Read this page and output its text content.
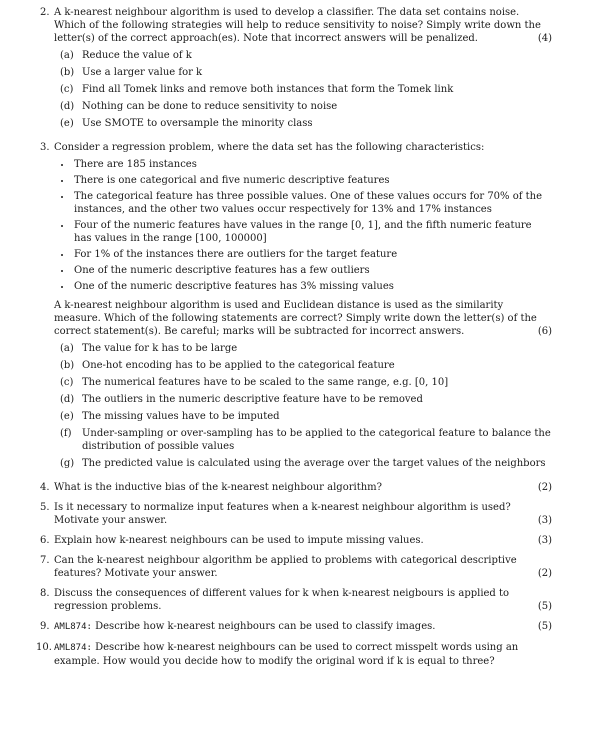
2. A k-nearest neighbour algorithm is used to develop a classifier. The data set contains noise. Which of the following strategies will help to reduce sensitivity to noise? Simply write down the letter(s) of the correct approach(es). Note that incorrect answers will be penalized.	(4)
(a) Reduce the value of k
(b) Use a larger value for k
(c) Find all Tomek links and remove both instances that form the Tomek link
(d) Nothing can be done to reduce sensitivity to noise
(e) Use SMOTE to oversample the minority class
3. Consider a regression problem, where the data set has the following characteristics:
• There are 185 instances
• There is one categorical and five numeric descriptive features
• The categorical feature has three possible values. One of these values occurs for 70% of the instances, and the other two values occur respectively for 13% and 17% instances
• Four of the numeric features have values in the range [0, 1], and the fifth numeric feature has values in the range [100, 100000]
• For 1% of the instances there are outliers for the target feature
• One of the numeric descriptive features has a few outliers
• One of the numeric descriptive features has 3% missing values
A k-nearest neighbour algorithm is used and Euclidean distance is used as the similarity measure. Which of the following statements are correct? Simply write down the letter(s) of the correct statement(s). Be careful; marks will be subtracted for incorrect answers.	(6)
(a) The value for k has to be large
(b) One-hot encoding has to be applied to the categorical feature
(c) The numerical features have to be scaled to the same range, e.g. [0, 10]
(d) The outliers in the numeric descriptive feature have to be removed
(e) The missing values have to be imputed
(f)	Under-sampling or over-sampling has to be applied to the categorical feature to balance the distribution of possible values
(g) The predicted value is calculated using the average over the target values of the neighbors
4. What is the inductive bias of the k-nearest neighbour algorithm?	(2)
5. Is it necessary to normalize input features when a k-nearest neighbour algorithm is used? Motivate your answer.	(3)
6. Explain how k-nearest neighbours can be used to impute missing values.	(3)
7. Can the k-nearest neighbour algorithm be applied to problems with categorical descriptive features? Motivate your answer.	(2)
8. Discuss the consequences of different values for k when k-nearest neigbours is applied to regression problems.	(5)
9. AML874: Describe how k-nearest neighbours can be used to classify images.	(5)
10. AML874: Describe how k-nearest neighbours can be used to correct misspelt words using an example. How would you decide how to modify the original word if k is equal to three?
